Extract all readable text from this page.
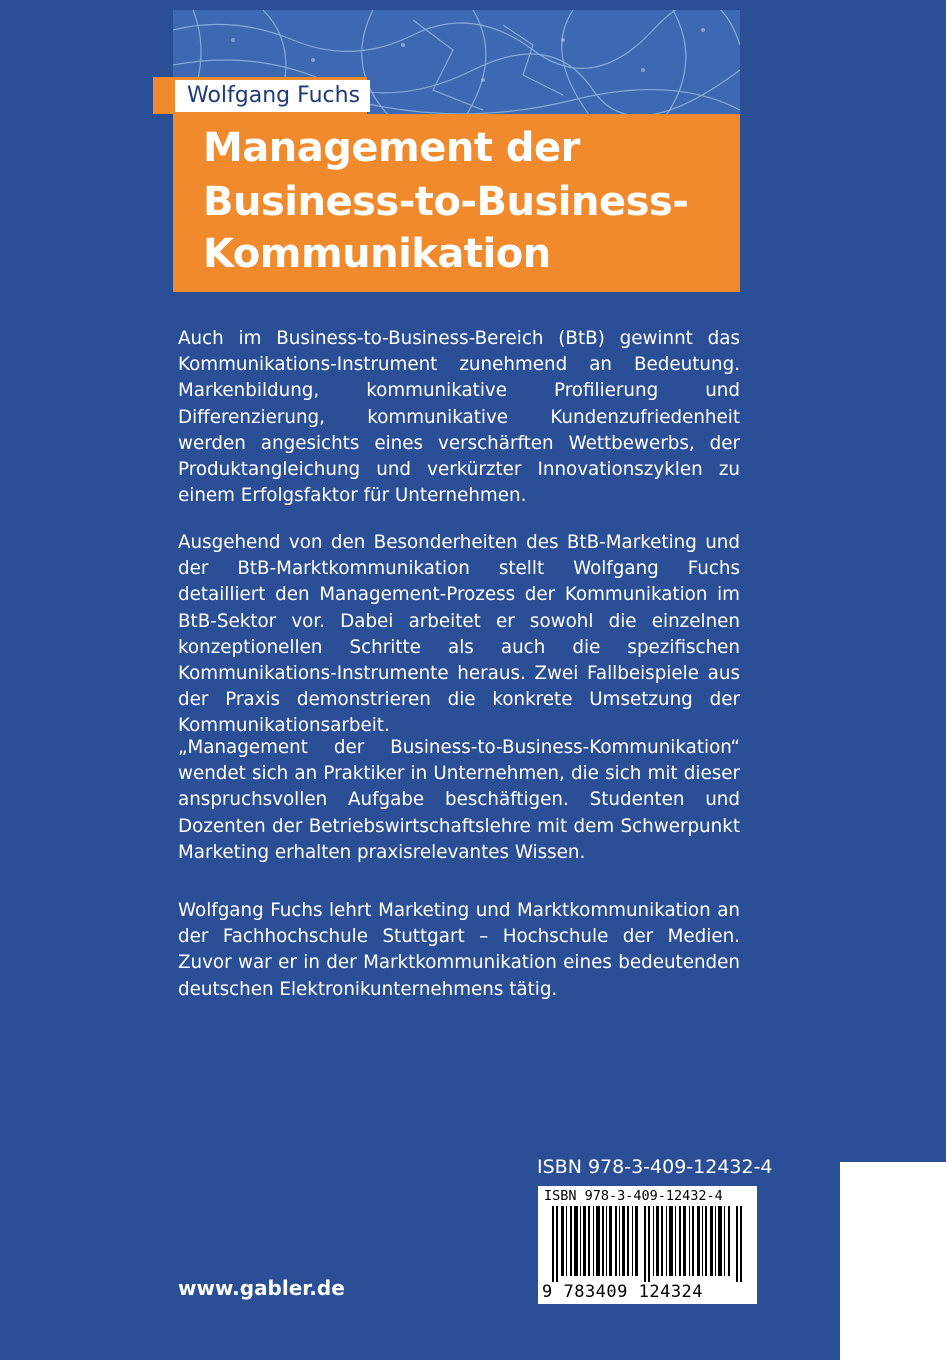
Wolfgang Fuchs
Management der
Business-to-Business-
Kommunikation

Auch im Business-to-Business-Bereich (BtB) gewinnt das Kommunikations-Instrument zunehmend an Bedeutung. Markenbildung, kommunikative Profilierung und Differenzierung, kommunikative Kundenzufriedenheit werden angesichts eines verschärften Wettbewerbs, der Produktangleichung und verkürzter Innovationszyklen zu einem Erfolgsfaktor für Unternehmen.

Ausgehend von den Besonderheiten des BtB-Marketing und der BtB-Marktkommunikation stellt Wolfgang Fuchs detailliert den Management-Prozess der Kommunikation im BtB-Sektor vor. Dabei arbeitet er sowohl die einzelnen konzeptionellen Schritte als auch die spezifischen Kommunikations-Instrumente heraus. Zwei Fallbeispiele aus der Praxis demonstrieren die konkrete Umsetzung der Kommunikationsarbeit.

„Management der Business-to-Business-Kommunikation“ wendet sich an Praktiker in Unternehmen, die sich mit dieser anspruchsvollen Aufgabe beschäftigen. Studenten und Dozenten der Betriebswirtschaftslehre mit dem Schwerpunkt Marketing erhalten praxisrelevantes Wissen.

Wolfgang Fuchs lehrt Marketing und Marktkommunikation an der Fachhochschule Stuttgart – Hochschule der Medien. Zuvor war er in der Marktkommunikation eines bedeutenden deutschen Elektronikunternehmens tätig.

ISBN 978-3-409-12432-4
ISBN 978-3-409-12432-4
9 783409 124324
www.gabler.de
